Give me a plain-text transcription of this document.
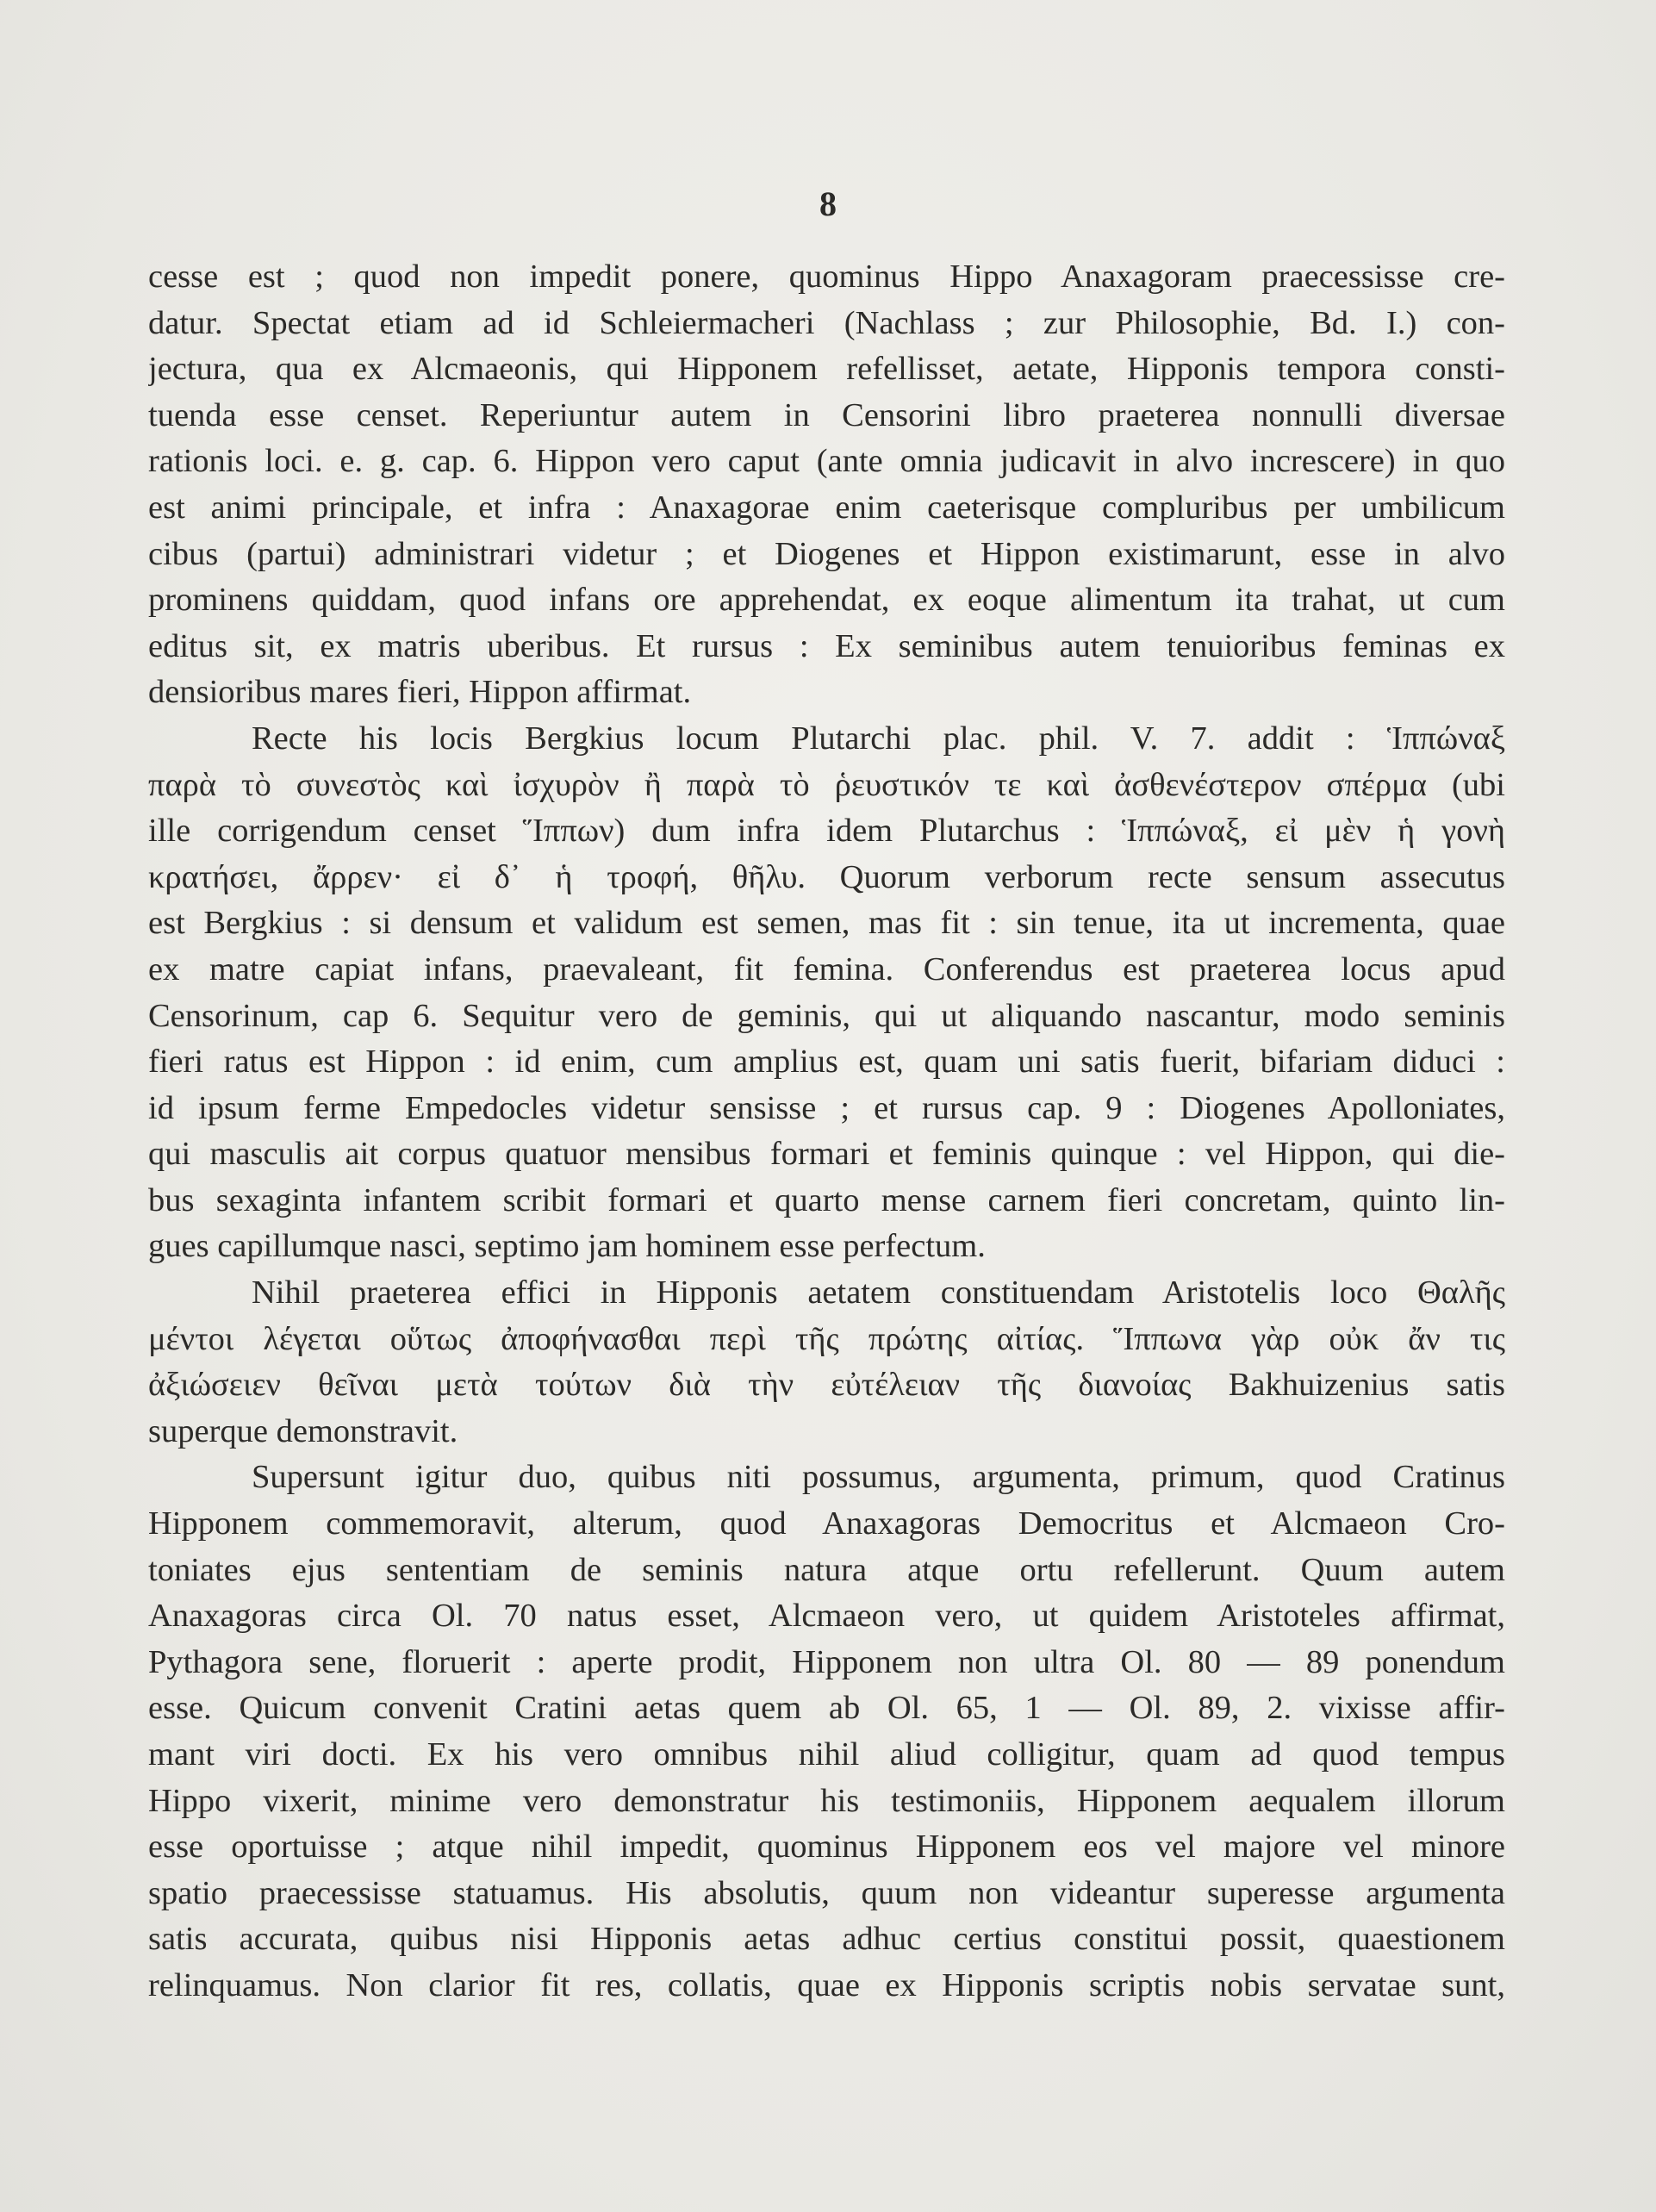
8
cesse est ; quod non impedit ponere, quominus Hippo Anaxagoram praecessisse cre-
datur. Spectat etiam ad id Schleiermacheri (Nachlass ; zur Philosophie, Bd. I.) con-
jectura, qua ex Alcmaeonis, qui Hipponem refellisset, aetate, Hipponis tempora consti-
tuenda esse censet. Reperiuntur autem in Censorini libro praeterea nonnulli diversae
rationis loci. e. g. cap. 6. Hippon vero caput (ante omnia judicavit in alvo increscere) in quo
est animi principale, et infra : Anaxagorae enim caeterisque compluribus per umbilicum
cibus (partui) administrari videtur ; et Diogenes et Hippon existimarunt, esse in alvo
prominens quiddam, quod infans ore apprehendat, ex eoque alimentum ita trahat, ut cum
editus sit, ex matris uberibus. Et rursus : Ex seminibus autem tenuioribus feminas ex
densioribus mares fieri, Hippon affirmat.
Recte his locis Bergkius locum Plutarchi plac. phil. V. 7. addit : Ἱππώναξ
παρὰ τὸ συνεστὸς καὶ ἰσχυρὸν ἢ παρὰ τὸ ῥευστικόν τε καὶ ἀσθενέστερον σπέρμα (ubi
ille corrigendum censet Ἵππων) dum infra idem Plutarchus : Ἱππώναξ, εἰ μὲν ἡ γονὴ
κρατήσει, ἄρρεν· εἰ δ᾽ ἡ τροφή, θῆλυ. Quorum verborum recte sensum assecutus
est Bergkius : si densum et validum est semen, mas fit : sin tenue, ita ut incrementa, quae
ex matre capiat infans, praevaleant, fit femina. Conferendus est praeterea locus apud
Censorinum, cap 6. Sequitur vero de geminis, qui ut aliquando nascantur, modo seminis
fieri ratus est Hippon : id enim, cum amplius est, quam uni satis fuerit, bifariam diduci :
id ipsum ferme Empedocles videtur sensisse ; et rursus cap. 9 : Diogenes Apolloniates,
qui masculis ait corpus quatuor mensibus formari et feminis quinque : vel Hippon, qui die-
bus sexaginta infantem scribit formari et quarto mense carnem fieri concretam, quinto lin-
gues capillumque nasci, septimo jam hominem esse perfectum.
Nihil praeterea effici in Hipponis aetatem constituendam Aristotelis loco Θαλῆς
μέντοι λέγεται οὕτως ἀποφήνασθαι περὶ τῆς πρώτης αἰτίας. Ἵππωνα γὰρ οὐκ ἄν τις
ἀξιώσειεν θεῖναι μετὰ τούτων διὰ τὴν εὐτέλειαν τῆς διανοίας Bakhuizenius satis
superque demonstravit.
Supersunt igitur duo, quibus niti possumus, argumenta, primum, quod Cratinus
Hipponem commemoravit, alterum, quod Anaxagoras Democritus et Alcmaeon Cro-
toniates ejus sententiam de seminis natura atque ortu refellerunt. Quum autem
Anaxagoras circa Ol. 70 natus esset, Alcmaeon vero, ut quidem Aristoteles affirmat,
Pythagora sene, floruerit : aperte prodit, Hipponem non ultra Ol. 80 — 89 ponendum
esse. Quicum convenit Cratini aetas quem ab Ol. 65, 1 — Ol. 89, 2. vixisse affir-
mant viri docti. Ex his vero omnibus nihil aliud colligitur, quam ad quod tempus
Hippo vixerit, minime vero demonstratur his testimoniis, Hipponem aequalem illorum
esse oportuisse ; atque nihil impedit, quominus Hipponem eos vel majore vel minore
spatio praecessisse statuamus. His absolutis, quum non videantur superesse argumenta
satis accurata, quibus nisi Hipponis aetas adhuc certius constitui possit, quaestionem
relinquamus. Non clarior fit res, collatis, quae ex Hipponis scriptis nobis servatae sunt,
